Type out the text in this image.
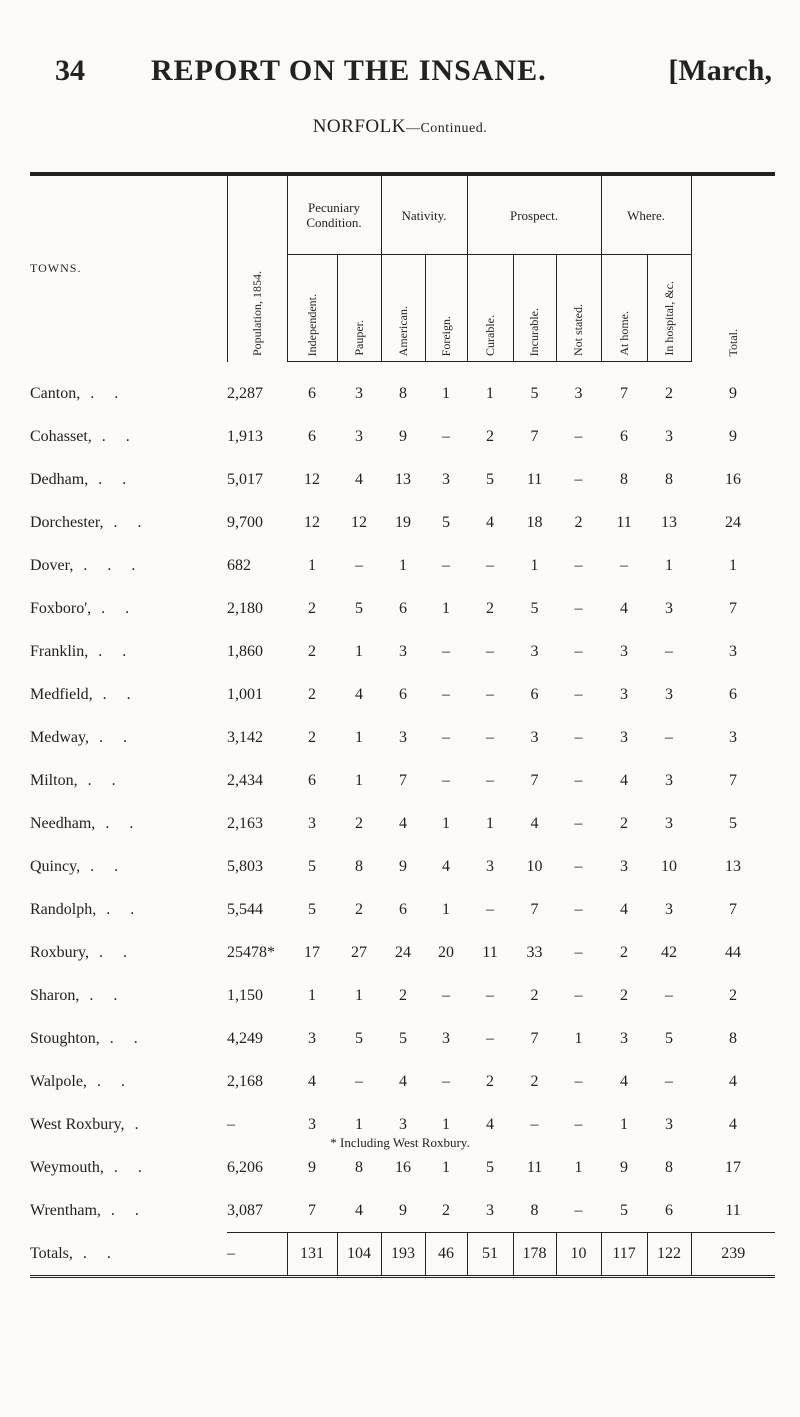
34 REPORT ON THE INSANE.	[March,
NORFOLK—Continued.
TOWNS.	Population, 1854.	Pecuniary Condition.		Nativity.		Prospect.			Where.		Total.
		Independent.	Pauper.	American.	Foreign.	Curable.	Incurable.	Not stated.	At home.	In hospital, &c.	

Canton, . .	2,287	6	3	8	1	1	5	3	7	2	9
Cohasset, . .	1,913	6	3	9	–	2	7	–	6	3	9
Dedham, . .	5,017	12	4	13	3	5	11	–	8	8	16
Dorchester, . .	9,700	12	12	19	5	4	18	2	11	13	24
Dover, . . .	682	1	–	1	–	–	1	–	–	1	1
Foxboro', . .	2,180	2	5	6	1	2	5	–	4	3	7
Franklin, . .	1,860	2	1	3	–	–	3	–	3	–	3
Medfield, . .	1,001	2	4	6	–	–	6	–	3	3	6
Medway, . .	3,142	2	1	3	–	–	3	–	3	–	3
Milton, . .	2,434	6	1	7	–	–	7	–	4	3	7
Needham, . .	2,163	3	2	4	1	1	4	–	2	3	5
Quincy, . .	5,803	5	8	9	4	3	10	–	3	10	13
Randolph, . .	5,544	5	2	6	1	–	7	–	4	3	7
Roxbury, . .	25478*	17	27	24	20	11	33	–	2	42	44
Sharon, . .	1,150	1	1	2	–	–	2	–	2	–	2
Stoughton, . .	4,249	3	5	5	3	–	7	1	3	5	8
Walpole, . .	2,168	4	–	4	–	2	2	–	4	–	4
West Roxbury, .	–	3	1	3	1	4	–	–	1	3	4
Weymouth, . .	6,206	9	8	16	1	5	11	1	9	8	17
Wrentham, . .	3,087	7	4	9	2	3	8	–	5	6	11
Totals, . .	–	131	104	193	46	51	178	10	117	122	239

* Including West Roxbury.
